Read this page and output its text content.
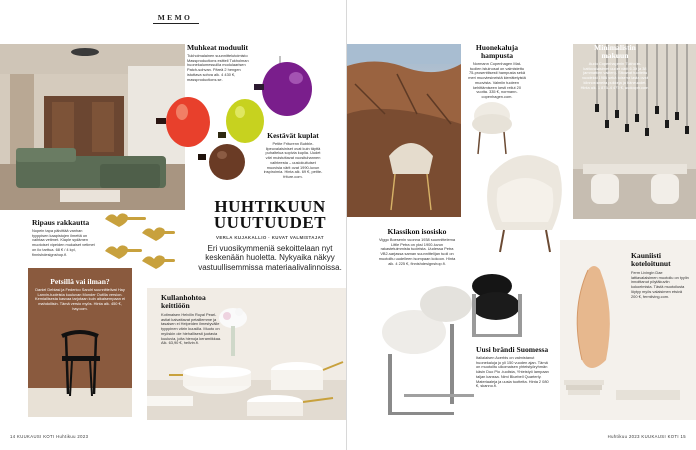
MEMO
Muhkeat moduulit
Tukholmalainen suunnittelutoimisto Massproductions esitteli Tukholman huonekalumessuilla modulaarisen Patch-sohvan. Päreä 2 hengen istuttava sohva alk. 4 430 €, massproductions.se.
Kestävät kuplat
Petite Friturenn Bubble-lipeuvalaisiniset ovat kuin täyttä puhaltelua sopivia kuplia. Uudet väri muistuttavat vuosituhannen vaihteesta – uusiokuituiset muovisia värit ovat 1990-luvun inspiroimia. Hinta alk. 69 €, petite-friture.com.
HUHTIKUUN
UUUTUUDET
VERLA KUJAKALLIO · KUVAT VALMISTAJAT
Eri vuosikymmeniä sekoittelaan nyt keskenään huoletta. Nykyaika näkyy vastuullisemmissa materiaalivalinnoissa.
Ripaus rakkautta
Nopein tapa päivittää vanhan tyyppisen kaapistojen ilmettä on vaihtaa vetimet. Klaple sydämen muotoiset vipeiden mukaiset vetimet on ilo tarttua. 68 € / 4 kpl, finnishdesignshop.fi.
Petsillä vai ilman?
Daniel Debiasi ja Federico Sandri suunnittelivat Hay Lanxin-tuoleista kuuluvan Monder Outilla version. Kemiallisesta kasvaa tarjotaan kuin aikaisempaan ei mahdollisin. Tämä versio myös. Hinta alk. 450 €, hay.com.
Kullanhohtoa
keittiöön
Kotimaisen Helvilin Royal Pearl-astiat kaivattavat petaillemme ja tasaisen ei Helpeiden ilmestyvälle tyyppinen värin kuusilla. Muoto on myöskin ole hiehallisesti juotavia kuuluvia, joita hienoja keramiikkaa. Alk. 63,90 €, hellvin.fi.
Huonekaluja
hampusta
Normann Copenhagen Mat-tuolien istuinosat on valmistettu 75-prosenttisesti hampusta sekä meri muoviesineistä kierrätetyistä muovista. Valmiin tuoleen kehittämiseen kesti reilut 20 vuotta. 335 €, normann-copenhagen.com.
Minimalistin
makuun
Audo Copenhagenin Tukholm-kattovalaisimet uudet värit 6.30 ja 38 (ammattien valiten). Sitoavat tuotteita vuodeksi 1986 sekä toisena lasta ovat kiinnostuneita pukkeja ja häneuudet. Hinta alk. 1 875–4 475 €, audocph.com.
Klassikon isosisko
Viggo Boesenin vuonna 1938 suunnittelema Little Petra on yksi 1900-luvun rakastetuimmista tuoleista. Uudessa Petra VB2-sarjassa saman suunnittelijan tuoli on muotoiltu uudelleen isompaan kokoon. Hinta alk. 4 225 €, finnishdesignshop.fi.
Uusi brändi Suomessa
Italialaisen Acerbis on valmistanut huonekaluja jo yli 150 vuoden ajan. Tämä on muotoiltu ulkomaisen yhteistyöryhmän käsin Duo Pio -tuolista, Yhteistyö lampaan taljan kanssa. Nimi Bluebell Quarterly. Materiaaleja ja uusia tuotteita. Hinta 2 080 €, skanno.fi.
Kauniisti
koteloitunut
Ferm Livingin Dae lattiavalaisimen muotoilu on tyylin innoittanut pöytäkuviin kokoelmista. Tästä muotoilusta löytyy myös valaisimen etsivä 200 €, fermliving.com.
14 KUUKAUSI KOTI Huhtikuu 2023	Huhtikuu 2023 KUUKAUSI KOTI 15
